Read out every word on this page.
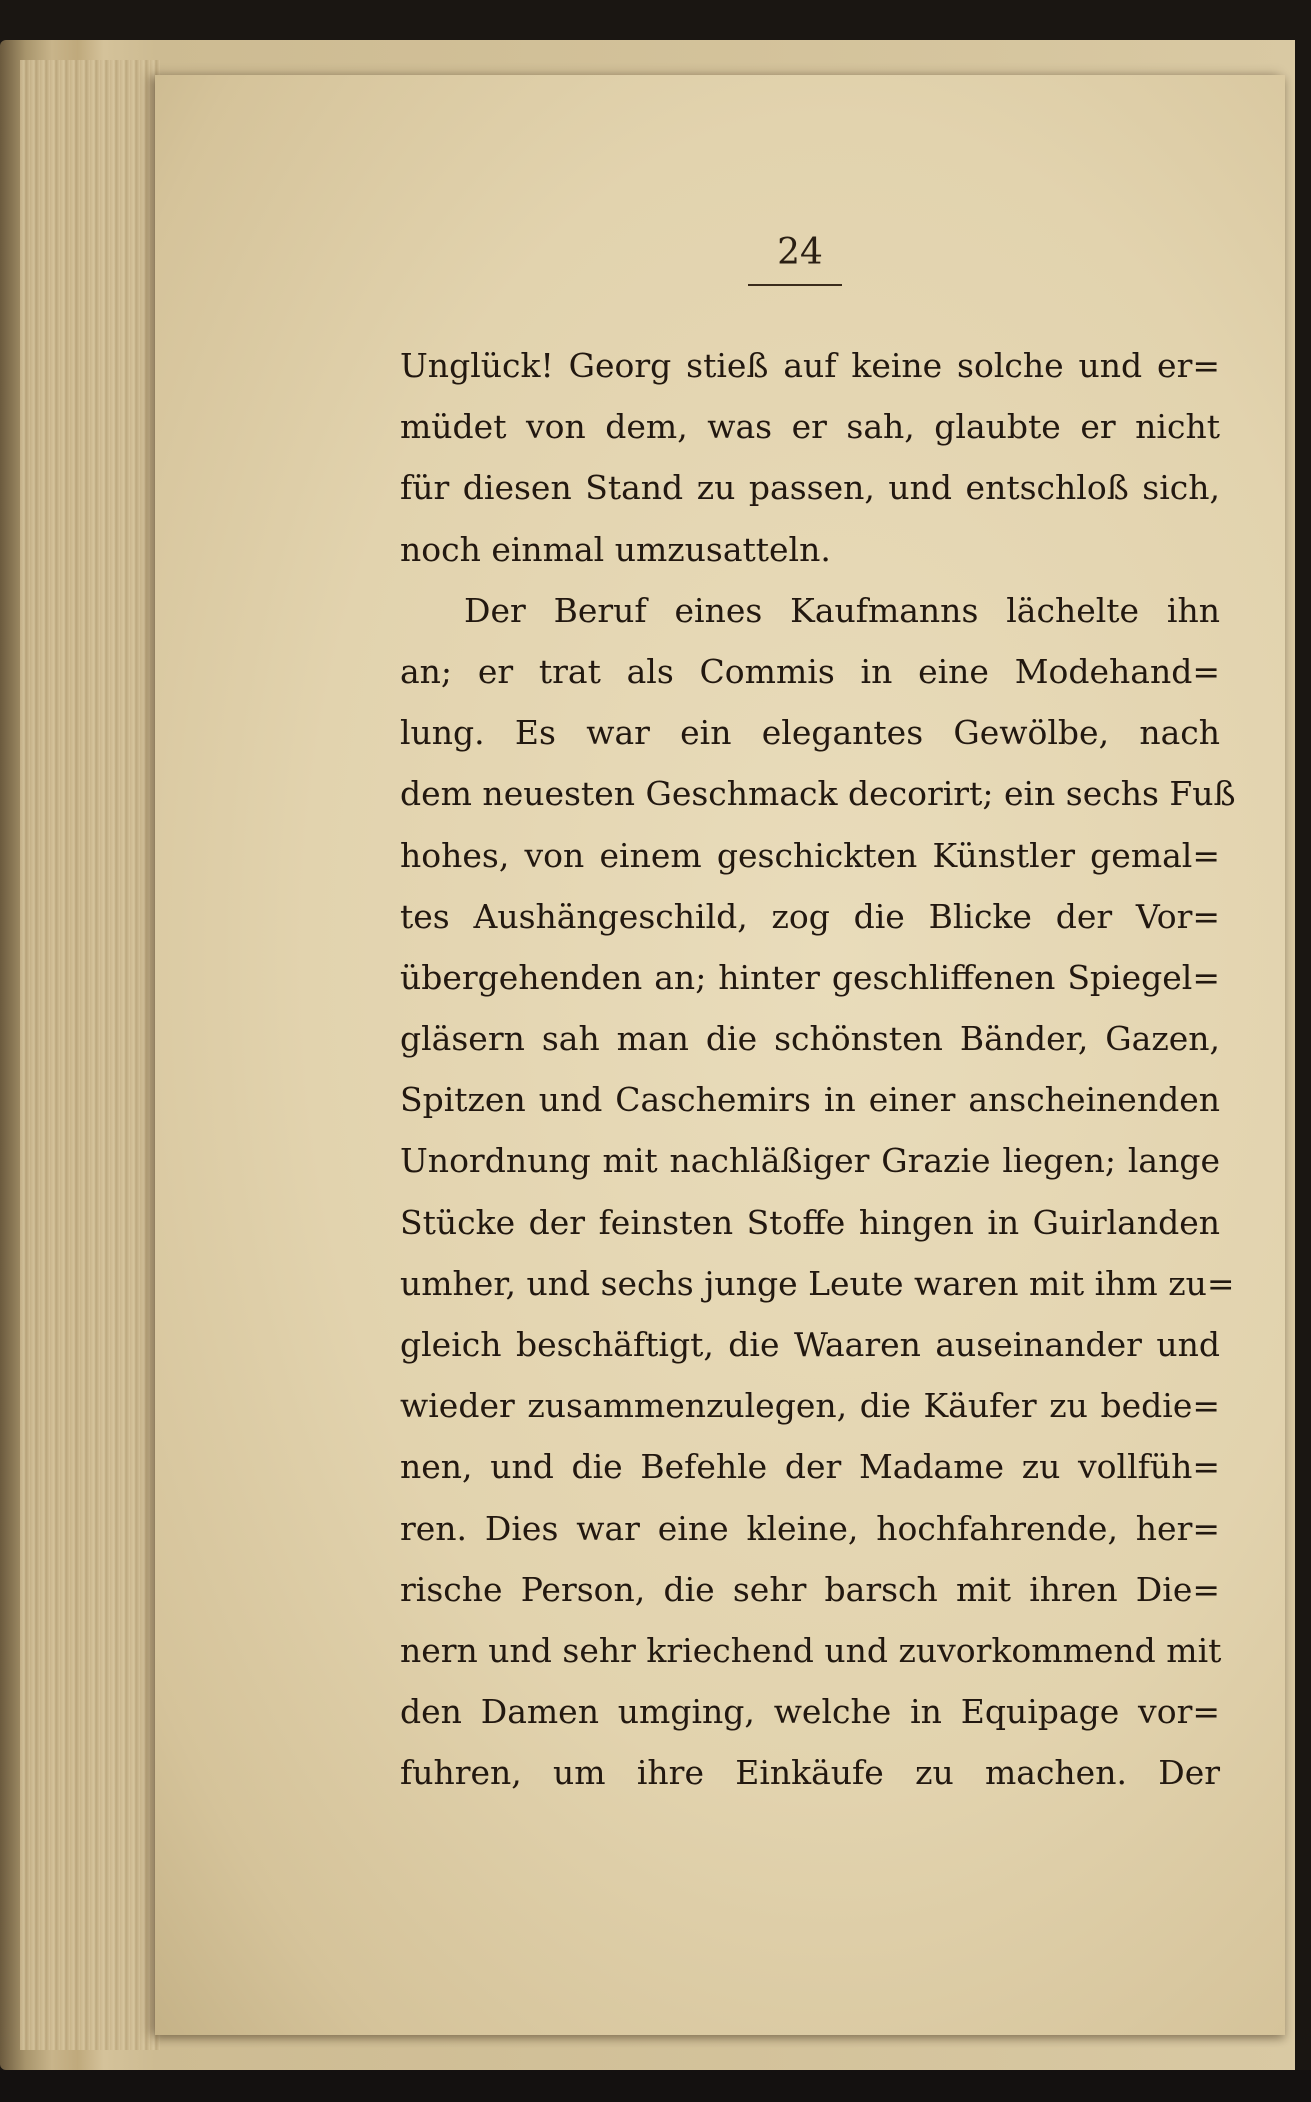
24
Unglück! Georg stieß auf keine solche und er=
müdet von dem, was er sah, glaubte er nicht
für diesen Stand zu passen, und entschloß sich,
noch einmal umzusatteln.
Der Beruf eines Kaufmanns lächelte ihn
an; er trat als Commis in eine Modehand=
lung. Es war ein elegantes Gewölbe, nach
dem neuesten Geschmack decorirt; ein sechs Fuß
hohes, von einem geschickten Künstler gemal=
tes Aushängeschild, zog die Blicke der Vor=
übergehenden an; hinter geschliffenen Spiegel=
gläsern sah man die schönsten Bänder, Gazen,
Spitzen und Caschemirs in einer anscheinenden
Unordnung mit nachläßiger Grazie liegen; lange
Stücke der feinsten Stoffe hingen in Guirlanden
umher, und sechs junge Leute waren mit ihm zu=
gleich beschäftigt, die Waaren auseinander und
wieder zusammenzulegen, die Käufer zu bedie=
nen, und die Befehle der Madame zu vollfüh=
ren. Dies war eine kleine, hochfahrende, her=
rische Person, die sehr barsch mit ihren Die=
nern und sehr kriechend und zuvorkommend mit
den Damen umging, welche in Equipage vor=
fuhren, um ihre Einkäufe zu machen. Der
